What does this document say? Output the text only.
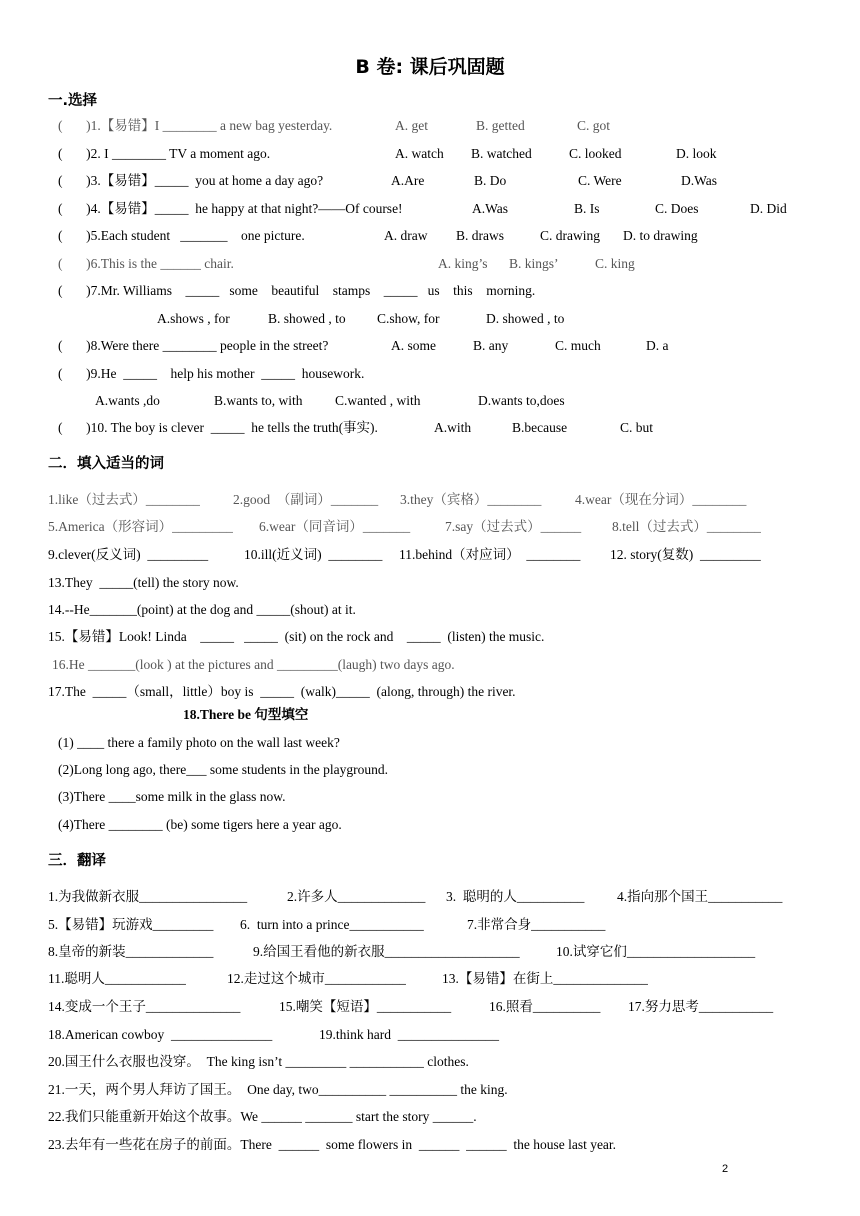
B 卷: 课后巩固题
一.选择
(       )1.【易错】I ________ a new bag yesterday.	A. get	B. getted	C. got
(       )2. I ________ TV a moment ago.	A. watch B. watched	C. looked	D. look
(       )3.【易错】_____  you at home a day ago?	A.Are	B. Do	C. Were	D.Was
(       )4.【易错】_____  he happy at that night?——Of course!	A.Was	B. Is	C. Does	D. Did
(       )5.Each student   _______    one picture.	A. draw B. draws	C. drawing D. to drawing
(       )6.This is the ______ chair.	A. king’s B. kings’	C. king
(       )7.Mr. Williams    _____   some    beautiful    stamps    _____   us    this    morning.
A.shows , for	B. showed , to C.show, for	D. showed , to
(       )8.Were there ________ people in the street?	A. some	B. any	C. much	D. a
(       )9.He  _____    help his mother  _____  housework.
A.wants ,do	B.wants to, with C.wanted , with	D.wants to,does
(       )10. The boy is clever  _____  he tells the truth(事实).	A.with	B.because	C. but
二．填入适当的词
1.like（过去式）________ 2.good  （副词）_______ 3.they（宾格）________ 4.wear（现在分词）________
5.America（形容词）_________ 6.wear（同音词）_______	7.say（过去式）______ 8.tell（过去式）________
9.clever(反义词)  _________	10.ill(近义词)  ________ 11.behind（对应词）  ________ 12. story(复数)  _________
13.They  _____(tell) the story now.
14.--He_______(point) at the dog and _____(shout) at it.
15.【易错】Look! Linda    _____   _____  (sit) on the rock and    _____  (listen) the music.
16.He _______(look ) at the pictures and _________(laugh) two days ago.
17.The  _____（small，little）boy is  _____  (walk)_____  (along, through) the river.
18.There be 句型填空
(1) ____ there a family photo on the wall last week?
(2)Long long ago, there___ some students in the playground.
(3)There ____some milk in the glass now.
(4)There ________ (be) some tigers here a year ago.
三．翻译
1.为我做新衣服________________	2.许多人_____________ 3.  聪明的人__________ 4.指向那个国王___________
5.【易错】玩游戏_________ 6.  turn into a prince___________	7.非常合身___________
8.皇帝的新装_____________	9.给国王看他的新衣服____________________	10.试穿它们___________________
11.聪明人____________	12.走过这个城市____________	13.【易错】在街上______________
14.变成一个王子______________	15.嘲笑【短语】___________	16.照看__________ 17.努力思考___________
18.American cowboy  _______________	19.think hard  _______________
20.国王什么衣服也没穿。  The king isn’t _________ ___________ clothes.
21.一天，两个男人拜访了国王。  One day, two__________ __________ the king.
22.我们只能重新开始这个故事。We ______ _______ start the story ______.
23.去年有一些花在房子的前面。There  ______  some flowers in  ______  ______  the house last year.
2
